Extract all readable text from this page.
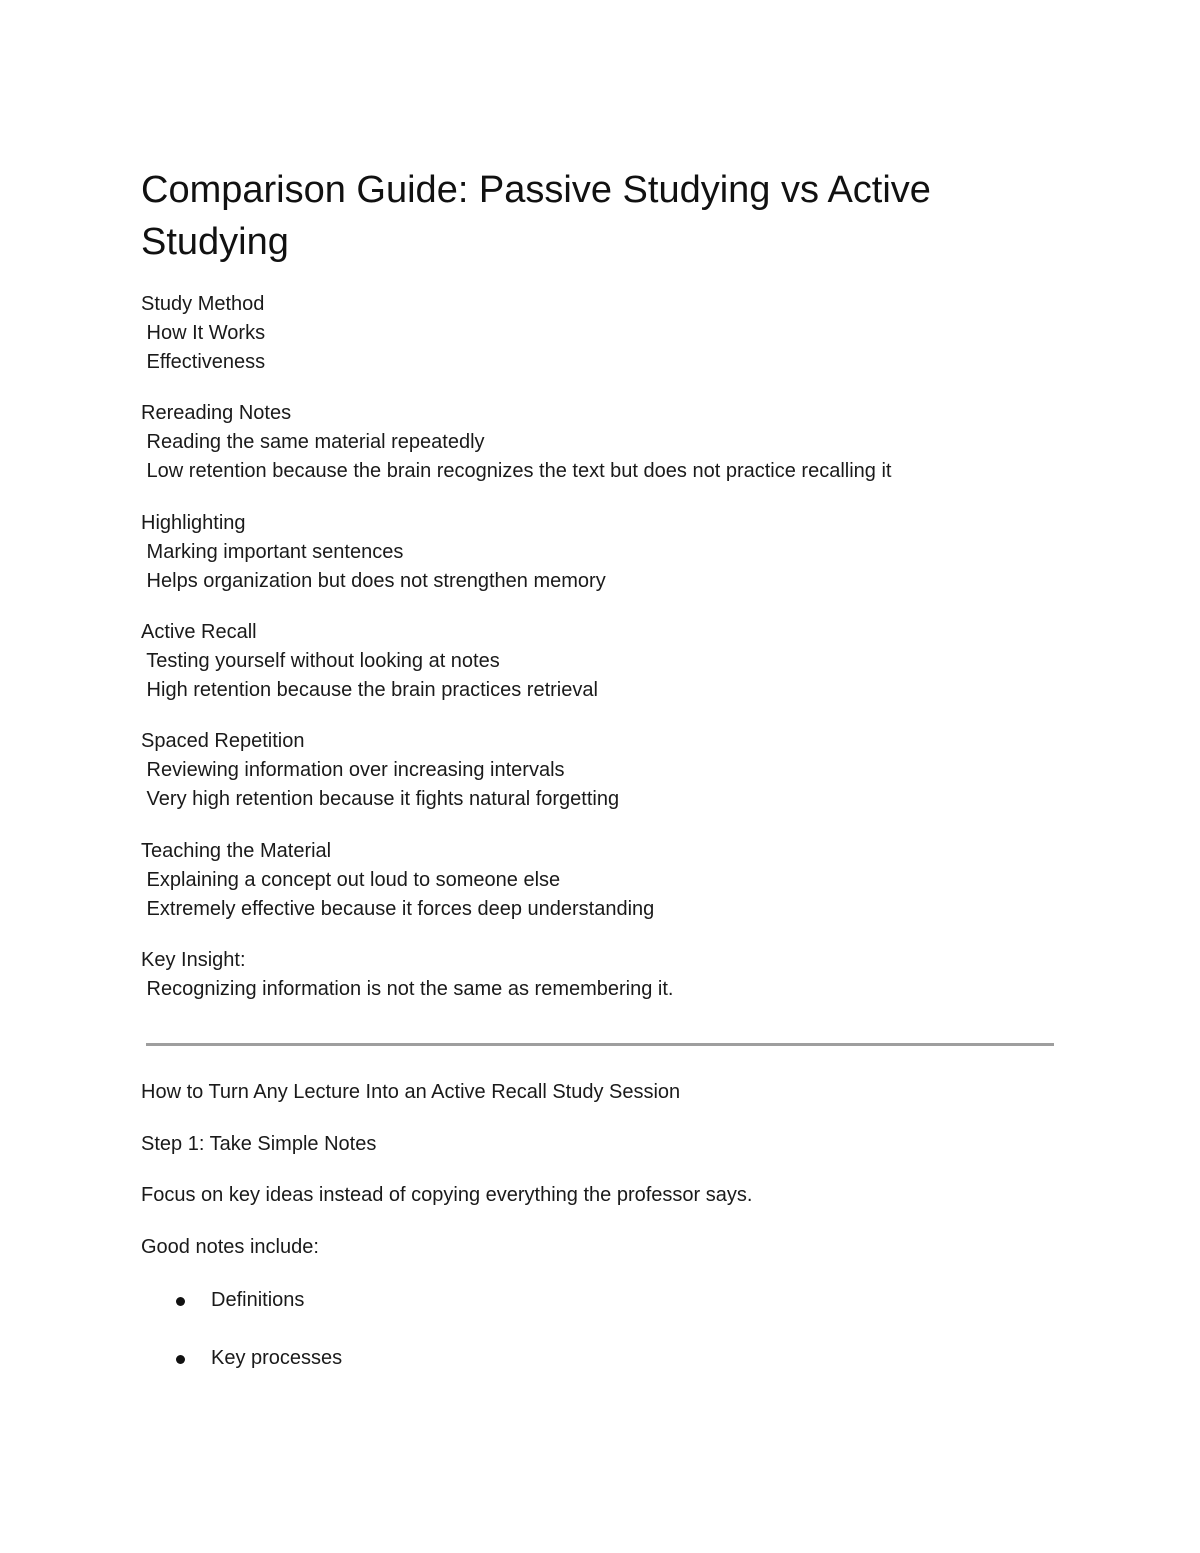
Comparison Guide: Passive Studying vs Active Studying
Study Method
How It Works
Effectiveness
Rereading Notes
Reading the same material repeatedly
Low retention because the brain recognizes the text but does not practice recalling it
Highlighting
Marking important sentences
Helps organization but does not strengthen memory
Active Recall
Testing yourself without looking at notes
High retention because the brain practices retrieval
Spaced Repetition
Reviewing information over increasing intervals
Very high retention because it fights natural forgetting
Teaching the Material
Explaining a concept out loud to someone else
Extremely effective because it forces deep understanding
Key Insight:
Recognizing information is not the same as remembering it.

How to Turn Any Lecture Into an Active Recall Study Session

Step 1: Take Simple Notes

Focus on key ideas instead of copying everything the professor says.

Good notes include:

Definitions
Key processes
